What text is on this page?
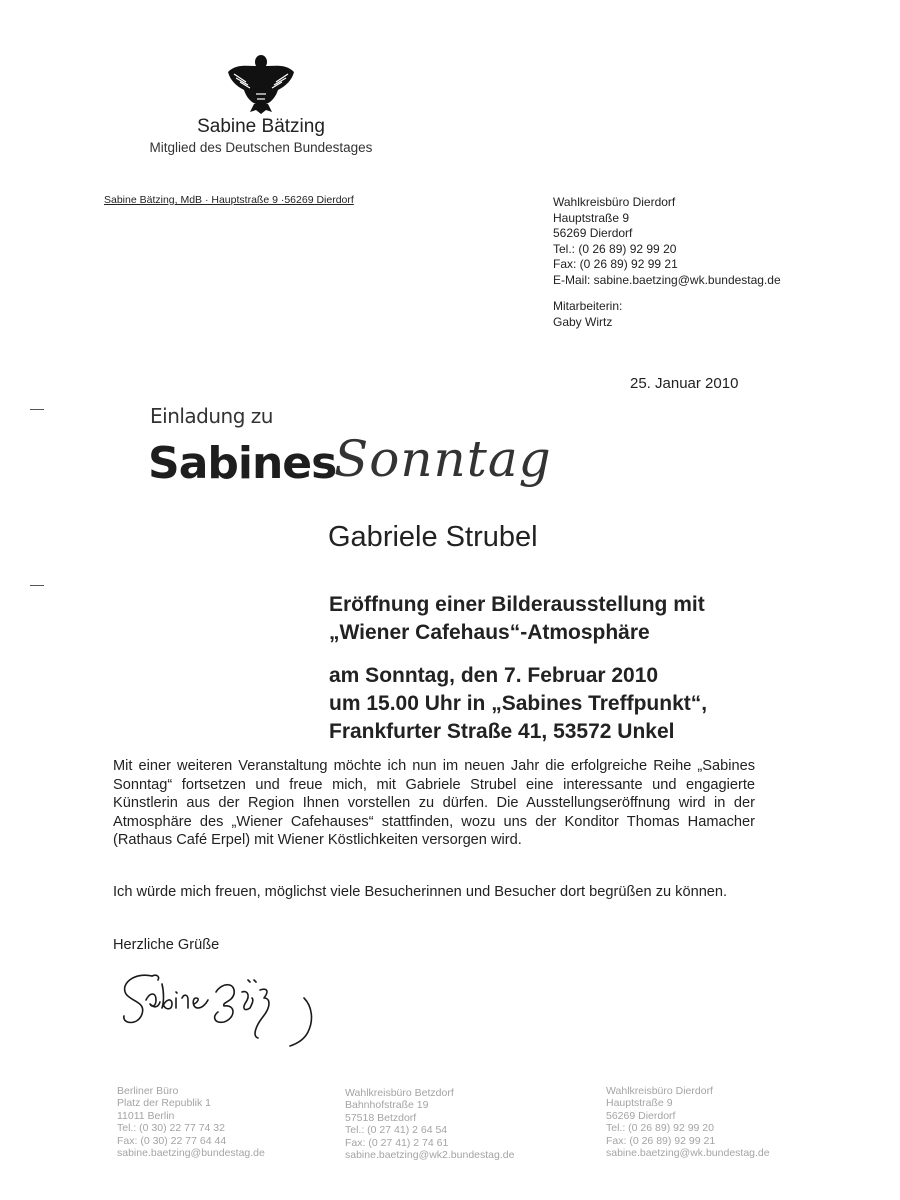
Sabine Bätzing
Mitglied des Deutschen Bundestages
Sabine Bätzing, MdB · Hauptstraße 9 ·56269 Dierdorf	Wahlkreisbüro Dierdorf
Hauptstraße 9
56269 Dierdorf
Tel.: (0 26 89) 92 99 20
Fax: (0 26 89) 92 99 21
E-Mail: sabine.baetzing@wk.bundestag.de
Mitarbeiterin:
Gaby Wirtz
25. Januar 2010
Einladung zu
Sabines
Sonntag
Gabriele Strubel
Eröffnung einer Bilderausstellung mit
„Wiener Cafehaus“-Atmosphäre
am Sonntag, den 7. Februar 2010
um 15.00 Uhr in „Sabines Treffpunkt“,
Frankfurter Straße 41, 53572 Unkel
Mit einer weiteren Veranstaltung möchte ich nun im neuen Jahr die erfolgreiche Reihe „Sabines Sonntag“ fortsetzen und freue mich, mit Gabriele Strubel eine interessante und engagierte Künstlerin aus der Region Ihnen vorstellen zu dürfen. Die Ausstellungseröffnung wird in der Atmosphäre des „Wiener Cafehauses“ stattfinden, wozu uns der Konditor Thomas Hamacher (Rathaus Café Erpel) mit Wiener Köstlichkeiten versorgen wird.
Ich würde mich freuen, möglichst viele Besucherinnen und Besucher dort begrüßen zu können.
Herzliche Grüße
Berliner Büro
Platz der Republik 1
11011 Berlin
Tel.: (0 30) 22 77 74 32
Fax: (0 30) 22 77 64 44
sabine.baetzing@bundestag.de
Wahlkreisbüro Betzdorf
Bahnhofstraße 19
57518 Betzdorf
Tel.: (0 27 41) 2 64 54
Fax: (0 27 41) 2 74 61
sabine.baetzing@wk2.bundestag.de
Wahlkreisbüro Dierdorf
Hauptstraße 9
56269 Dierdorf
Tel.: (0 26 89) 92 99 20
Fax: (0 26 89) 92 99 21
sabine.baetzing@wk.bundestag.de
